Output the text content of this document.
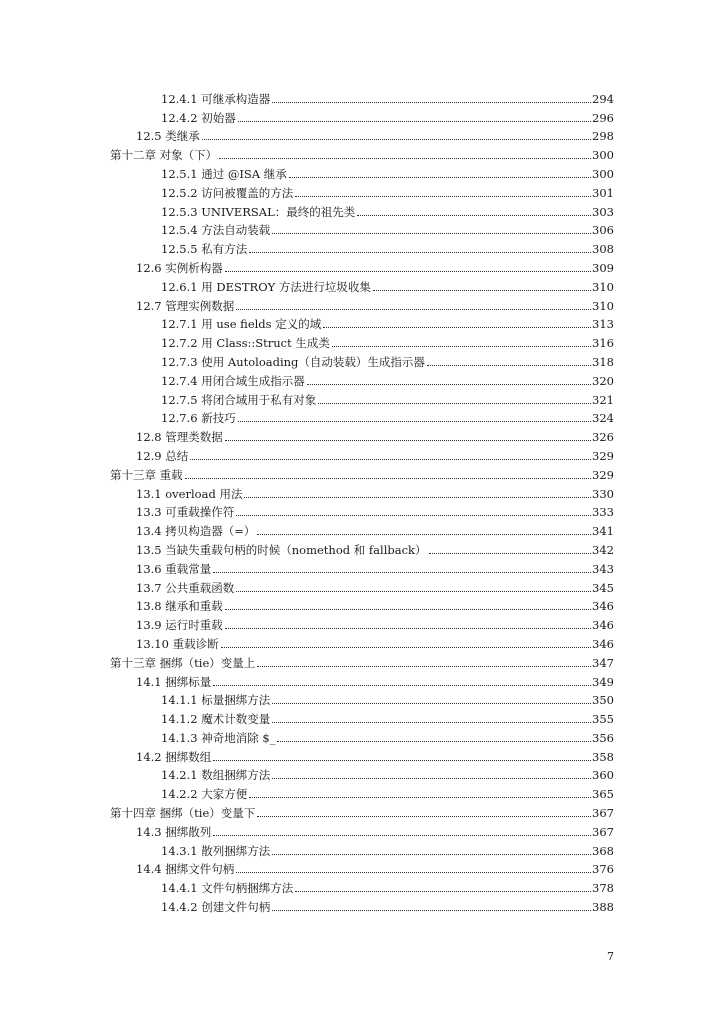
12.4.1 可继承构造器	294
12.4.2 初始器	296
12.5 类继承	298
第十二章 对象（下）	300
12.5.1 通过 @ISA 继承	300
12.5.2 访问被覆盖的方法	301
12.5.3 UNIVERSAL：最终的祖先类	303
12.5.4 方法自动装载	306
12.5.5 私有方法	308
12.6 实例析构器	309
12.6.1 用 DESTROY 方法进行垃圾收集	310
12.7 管理实例数据	310
12.7.1 用 use fields 定义的域	313
12.7.2 用 Class::Struct 生成类	316
12.7.3 使用 Autoloading（自动装载）生成指示器	318
12.7.4 用闭合域生成指示器	320
12.7.5 将闭合域用于私有对象	321
12.7.6 新技巧	324
12.8 管理类数据	326
12.9 总结	329
第十三章 重载	329
13.1 overload 用法	330
13.3 可重载操作符	333
13.4 拷贝构造器（=）	341
13.5 当缺失重载句柄的时候（nomethod 和 fallback）	342
13.6 重载常量	343
13.7 公共重载函数	345
13.8 继承和重载	346
13.9 运行时重载	346
13.10 重载诊断	346
第十三章 捆绑（tie）变量上	347
14.1 捆绑标量	349
14.1.1 标量捆绑方法	350
14.1.2 魔术计数变量	355
14.1.3 神奇地消除 $_	356
14.2 捆绑数组	358
14.2.1 数组捆绑方法	360
14.2.2 大家方便	365
第十四章 捆绑（tie）变量下	367
14.3 捆绑散列	367
14.3.1 散列捆绑方法	368
14.4 捆绑文件句柄	376
14.4.1 文件句柄捆绑方法	378
14.4.2 创建文件句柄	388
7
